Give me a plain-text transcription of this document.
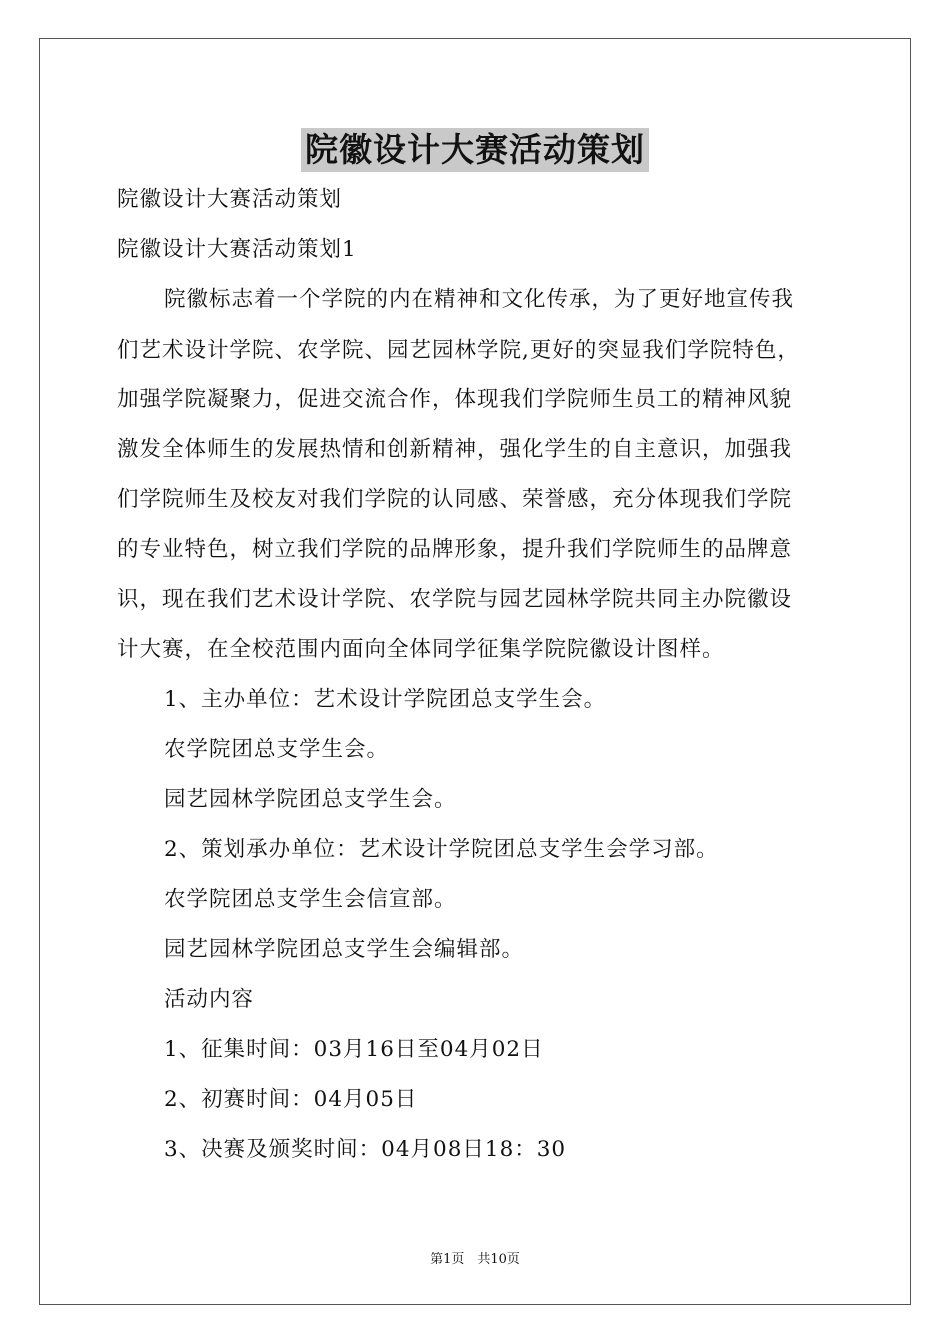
院徽设计大赛活动策划
院徽设计大赛活动策划
院徽设计大赛活动策划1
院徽标志着一个学院的内在精神和文化传承，为了更好地宣传我
们艺术设计学院、农学院、园艺园林学院,更好的突显我们学院特色，
加强学院凝聚力，促进交流合作，体现我们学院师生员工的精神风貌
激发全体师生的发展热情和创新精神，强化学生的自主意识，加强我
们学院师生及校友对我们学院的认同感、荣誉感，充分体现我们学院
的专业特色，树立我们学院的品牌形象，提升我们学院师生的品牌意
识，现在我们艺术设计学院、农学院与园艺园林学院共同主办院徽设
计大赛，在全校范围内面向全体同学征集学院院徽设计图样。
1、主办单位：艺术设计学院团总支学生会。
农学院团总支学生会。
园艺园林学院团总支学生会。
2、策划承办单位：艺术设计学院团总支学生会学习部。
农学院团总支学生会信宣部。
园艺园林学院团总支学生会编辑部。
活动内容
1、征集时间：03月16日至04月02日
2、初赛时间：04月05日
3、决赛及颁奖时间：04月08日18：30
第1页　共10页
